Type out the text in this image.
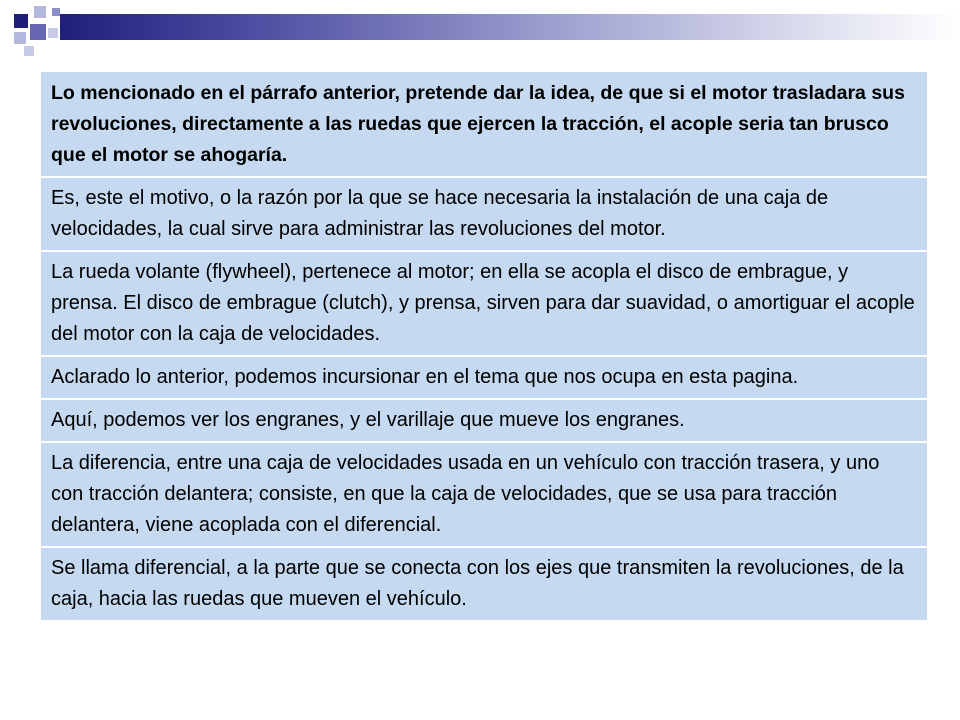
Lo mencionado en el párrafo anterior, pretende dar la idea, de que si el motor trasladara sus revoluciones, directamente a las ruedas que ejercen la tracción, el acople seria tan brusco que el motor se ahogaría.
Es, este el motivo, o la razón por la que se hace necesaria la instalación de una caja de velocidades, la cual sirve para administrar las revoluciones del motor.
La rueda volante (flywheel), pertenece al motor; en ella se acopla el disco de embrague, y prensa. El disco de embrague (clutch), y prensa, sirven para dar suavidad, o amortiguar el acople del motor con la caja de velocidades.
Aclarado lo anterior, podemos incursionar en el tema que nos ocupa en esta pagina.
Aquí, podemos ver los engranes, y el varillaje que mueve los engranes.
La diferencia, entre una caja de velocidades usada en un vehículo con tracción trasera, y uno con tracción delantera; consiste, en que la caja de velocidades, que se usa para tracción delantera, viene acoplada con el diferencial.
Se llama diferencial, a la parte que se conecta con los ejes que transmiten la revoluciones, de la caja, hacia las ruedas que mueven el vehículo.
